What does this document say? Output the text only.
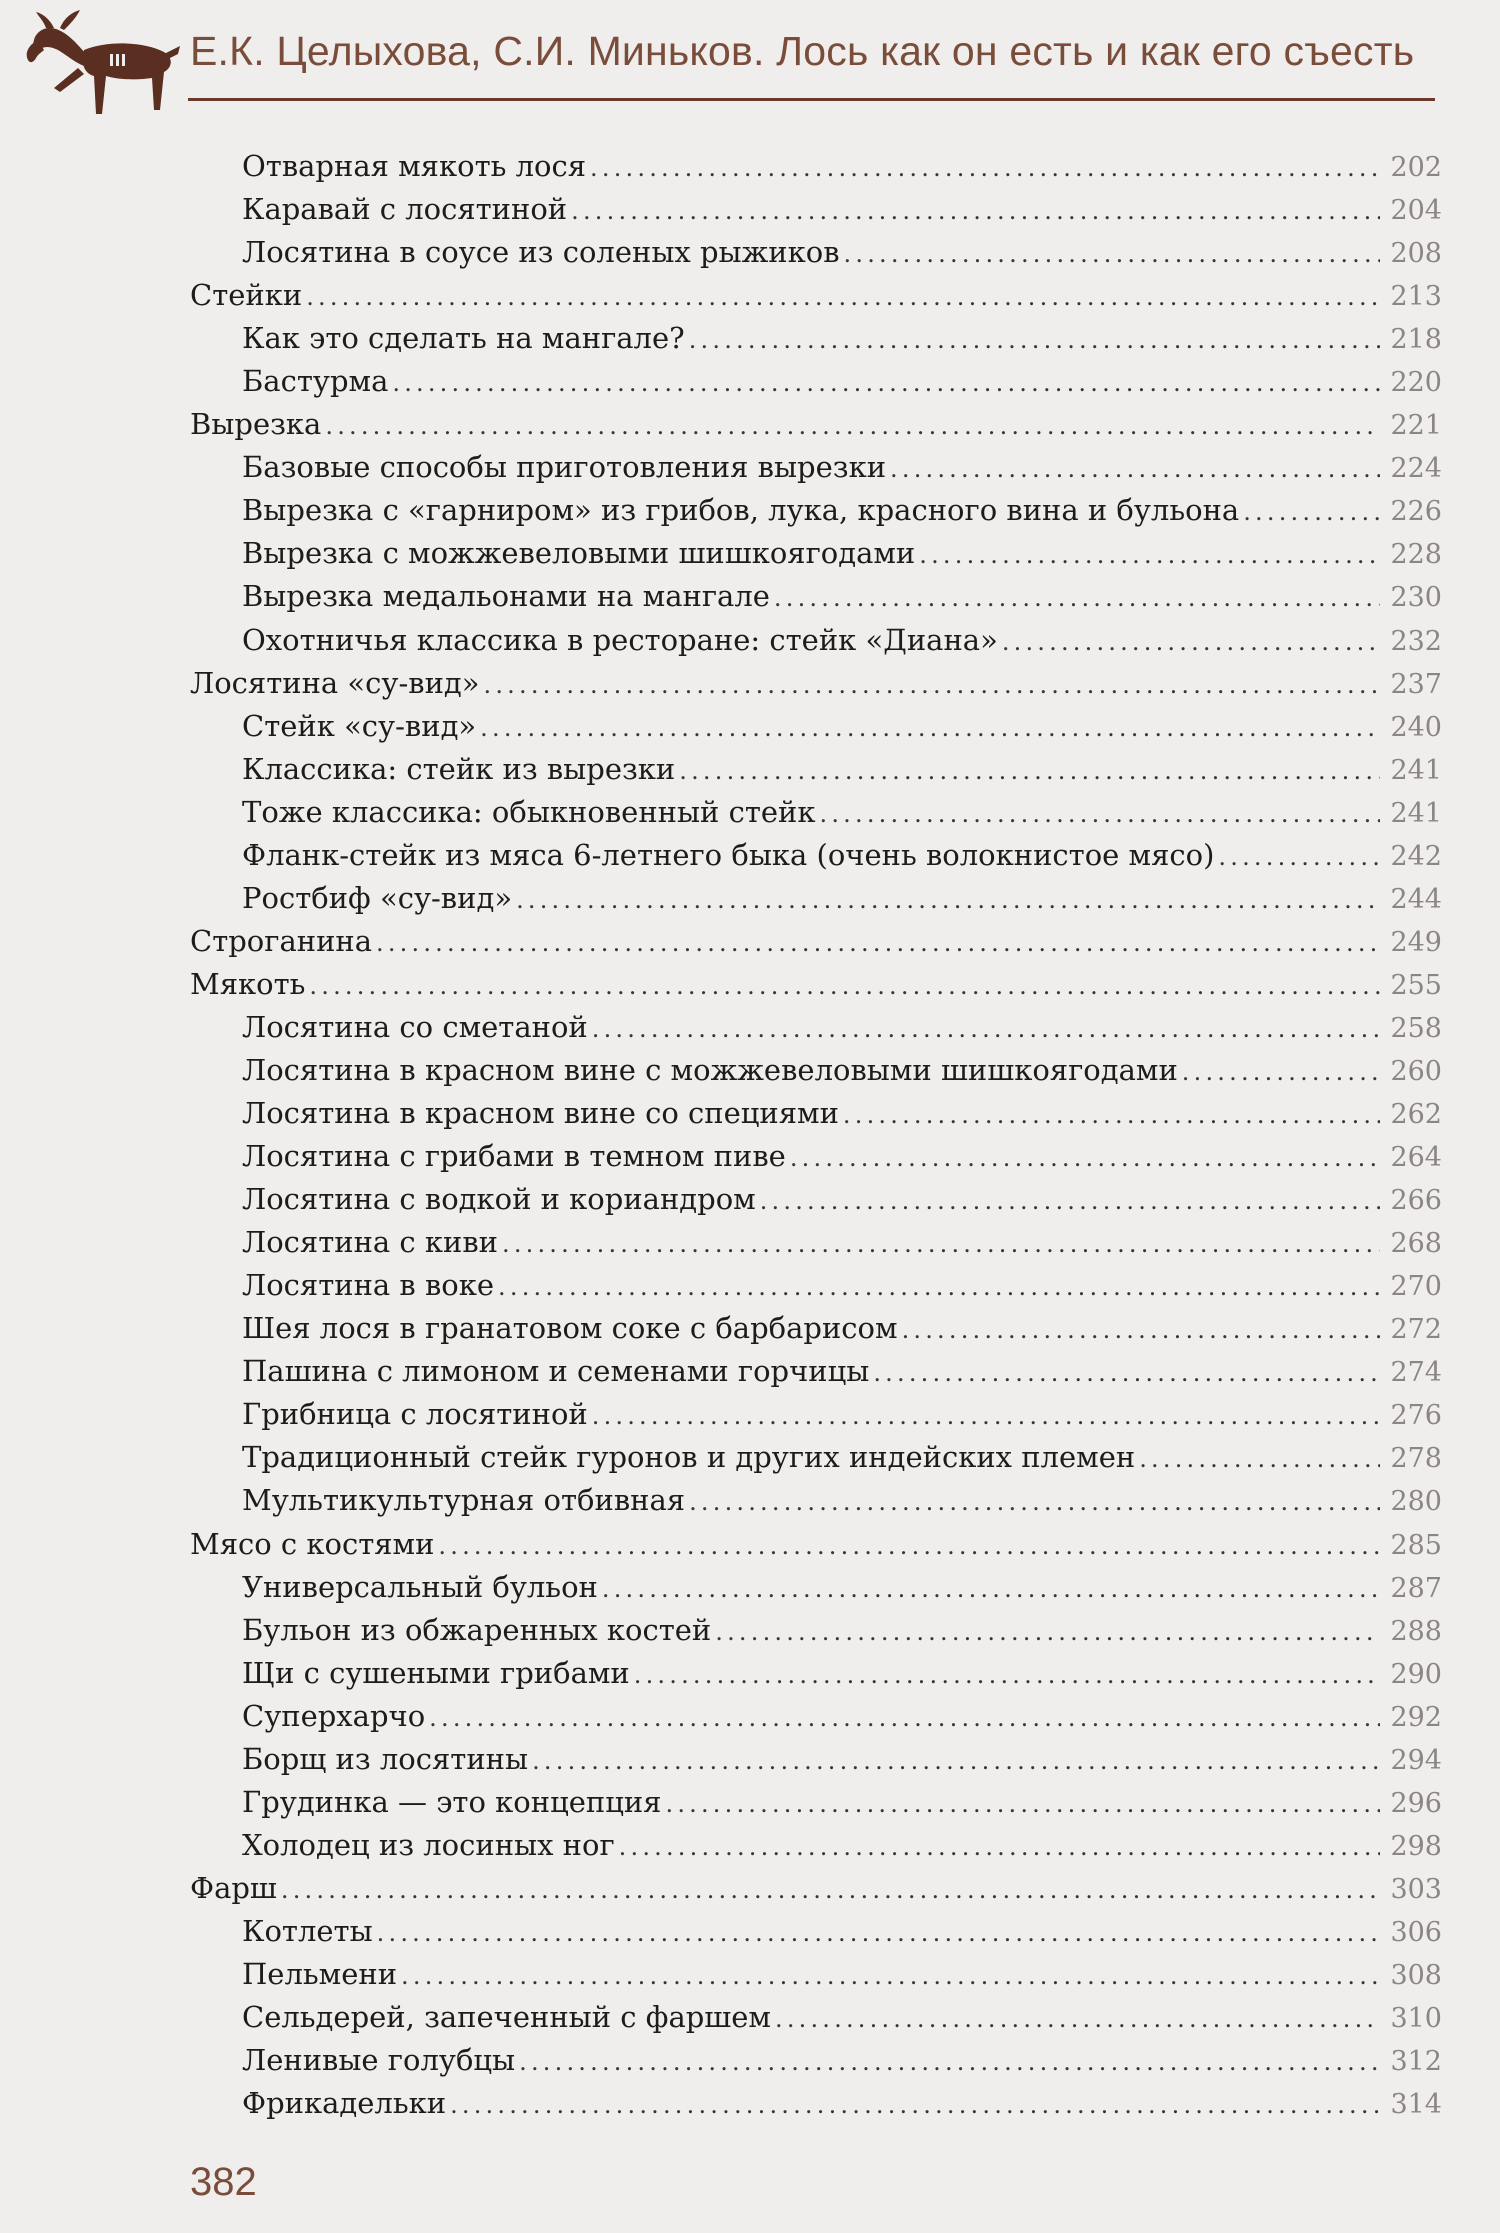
Е.К. Целыхова, С.И. Миньков. Лось как он есть и как его съесть
Отварная мякоть лося .....	202
Каравай с лосятиной .....	204
Лосятина в соусе из соленых рыжиков .....	208
Стейки .....	213
Как это сделать на мангале? .....	218
Бастурма .....	220
Вырезка .....	221
Базовые способы приготовления вырезки .....	224
Вырезка с «гарниром» из грибов, лука, красного вина и бульона .....	226
Вырезка с можжевеловыми шишкоягодами .....	228
Вырезка медальонами на мангале .....	230
Охотничья классика в ресторане: стейк «Диана» .....	232
Лосятина «су-вид» .....	237
Стейк «су-вид» .....	240
Классика: стейк из вырезки .....	241
Тоже классика: обыкновенный стейк .....	241
Фланк-стейк из мяса 6-летнего быка (очень волокнистое мясо) .....	242
Ростбиф «су-вид» .....	244
Строганина .....	249
Мякоть .....	255
Лосятина со сметаной .....	258
Лосятина в красном вине с можжевеловыми шишкоягодами .....	260
Лосятина в красном вине со специями .....	262
Лосятина с грибами в темном пиве .....	264
Лосятина с водкой и кориандром .....	266
Лосятина с киви .....	268
Лосятина в воке .....	270
Шея лося в гранатовом соке с барбарисом .....	272
Пашина с лимоном и семенами горчицы .....	274
Грибница с лосятиной .....	276
Традиционный стейк гуронов и других индейских племен .....	278
Мультикультурная отбивная .....	280
Мясо с костями .....	285
Универсальный бульон .....	287
Бульон из обжаренных костей .....	288
Щи с сушеными грибами .....	290
Суперхарчо .....	292
Борщ из лосятины .....	294
Грудинка — это концепция .....	296
Холодец из лосиных ног .....	298
Фарш .....	303
Котлеты .....	306
Пельмени .....	308
Сельдерей, запеченный с фаршем .....	310
Ленивые голубцы .....	312
Фрикадельки .....	314
382
